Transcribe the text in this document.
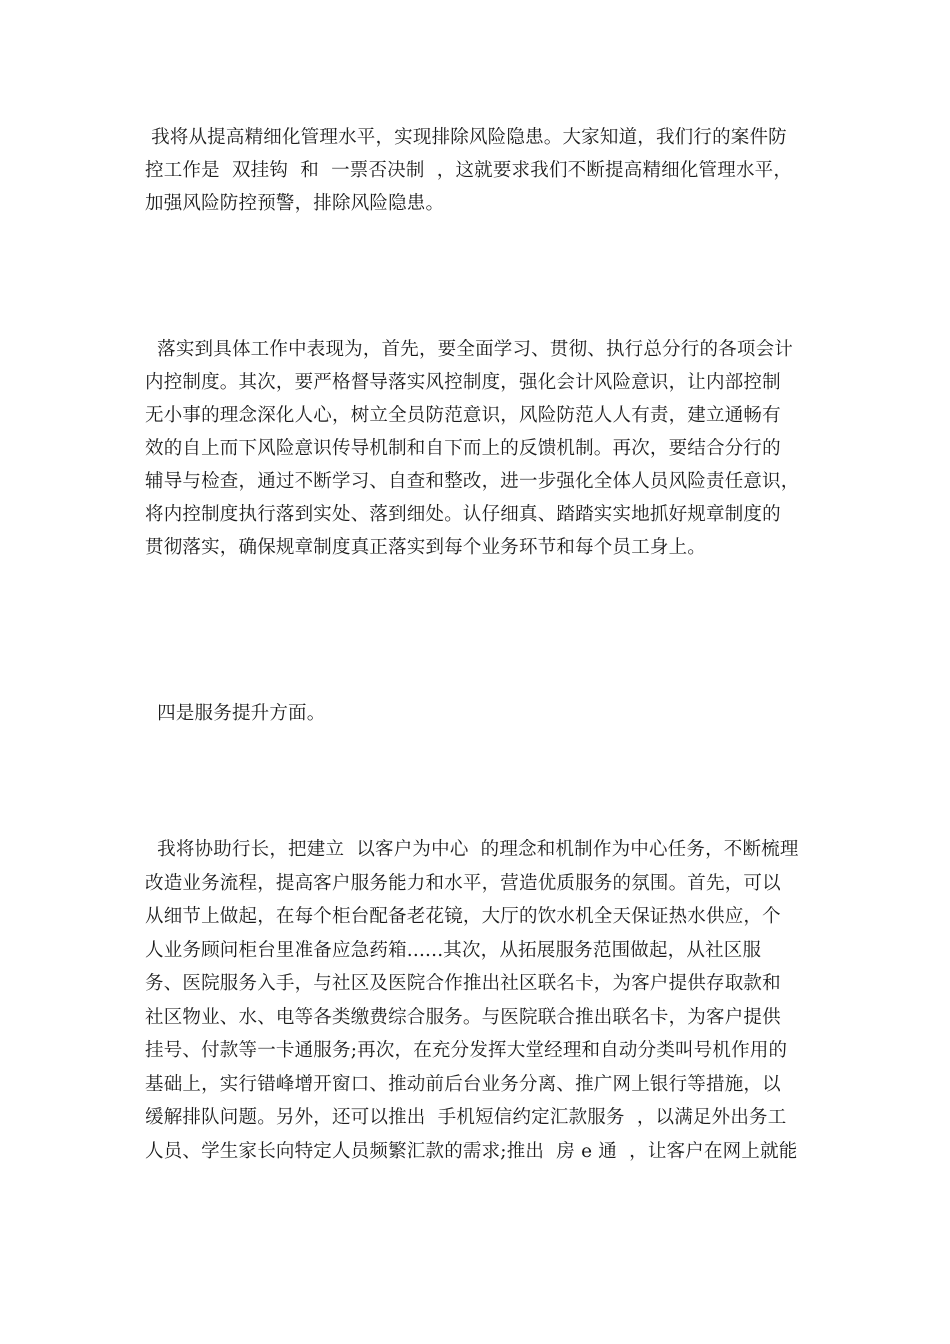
我将从提高精细化管理水平，实现排除风险隐患。大家知道，我们行的案件防
控工作是  双挂钩  和  一票否决制  ，这就要求我们不断提高精细化管理水平，
加强风险防控预警，排除风险隐患。
落实到具体工作中表现为，首先，要全面学习、贯彻、执行总分行的各项会计
内控制度。其次，要严格督导落实风控制度，强化会计风险意识，让内部控制
无小事的理念深化人心，树立全员防范意识，风险防范人人有责，建立通畅有
效的自上而下风险意识传导机制和自下而上的反馈机制。再次，要结合分行的
辅导与检查，通过不断学习、自查和整改，进一步强化全体人员风险责任意识，
将内控制度执行落到实处、落到细处。认仔细真、踏踏实实地抓好规章制度的
贯彻落实，确保规章制度真正落实到每个业务环节和每个员工身上。
四是服务提升方面。
我将协助行长，把建立  以客户为中心  的理念和机制作为中心任务，不断梳理
改造业务流程，提高客户服务能力和水平，营造优质服务的氛围。首先，可以
从细节上做起，在每个柜台配备老花镜，大厅的饮水机全天保证热水供应，个
人业务顾问柜台里准备应急药箱......其次，从拓展服务范围做起，从社区服
务、医院服务入手，与社区及医院合作推出社区联名卡，为客户提供存取款和
社区物业、水、电等各类缴费综合服务。与医院联合推出联名卡，为客户提供
挂号、付款等一卡通服务;再次，在充分发挥大堂经理和自动分类叫号机作用的
基础上，实行错峰增开窗口、推动前后台业务分离、推广网上银行等措施，以
缓解排队问题。另外，还可以推出  手机短信约定汇款服务  ，以满足外出务工
人员、学生家长向特定人员频繁汇款的需求;推出  房 e 通  ，让客户在网上就能
